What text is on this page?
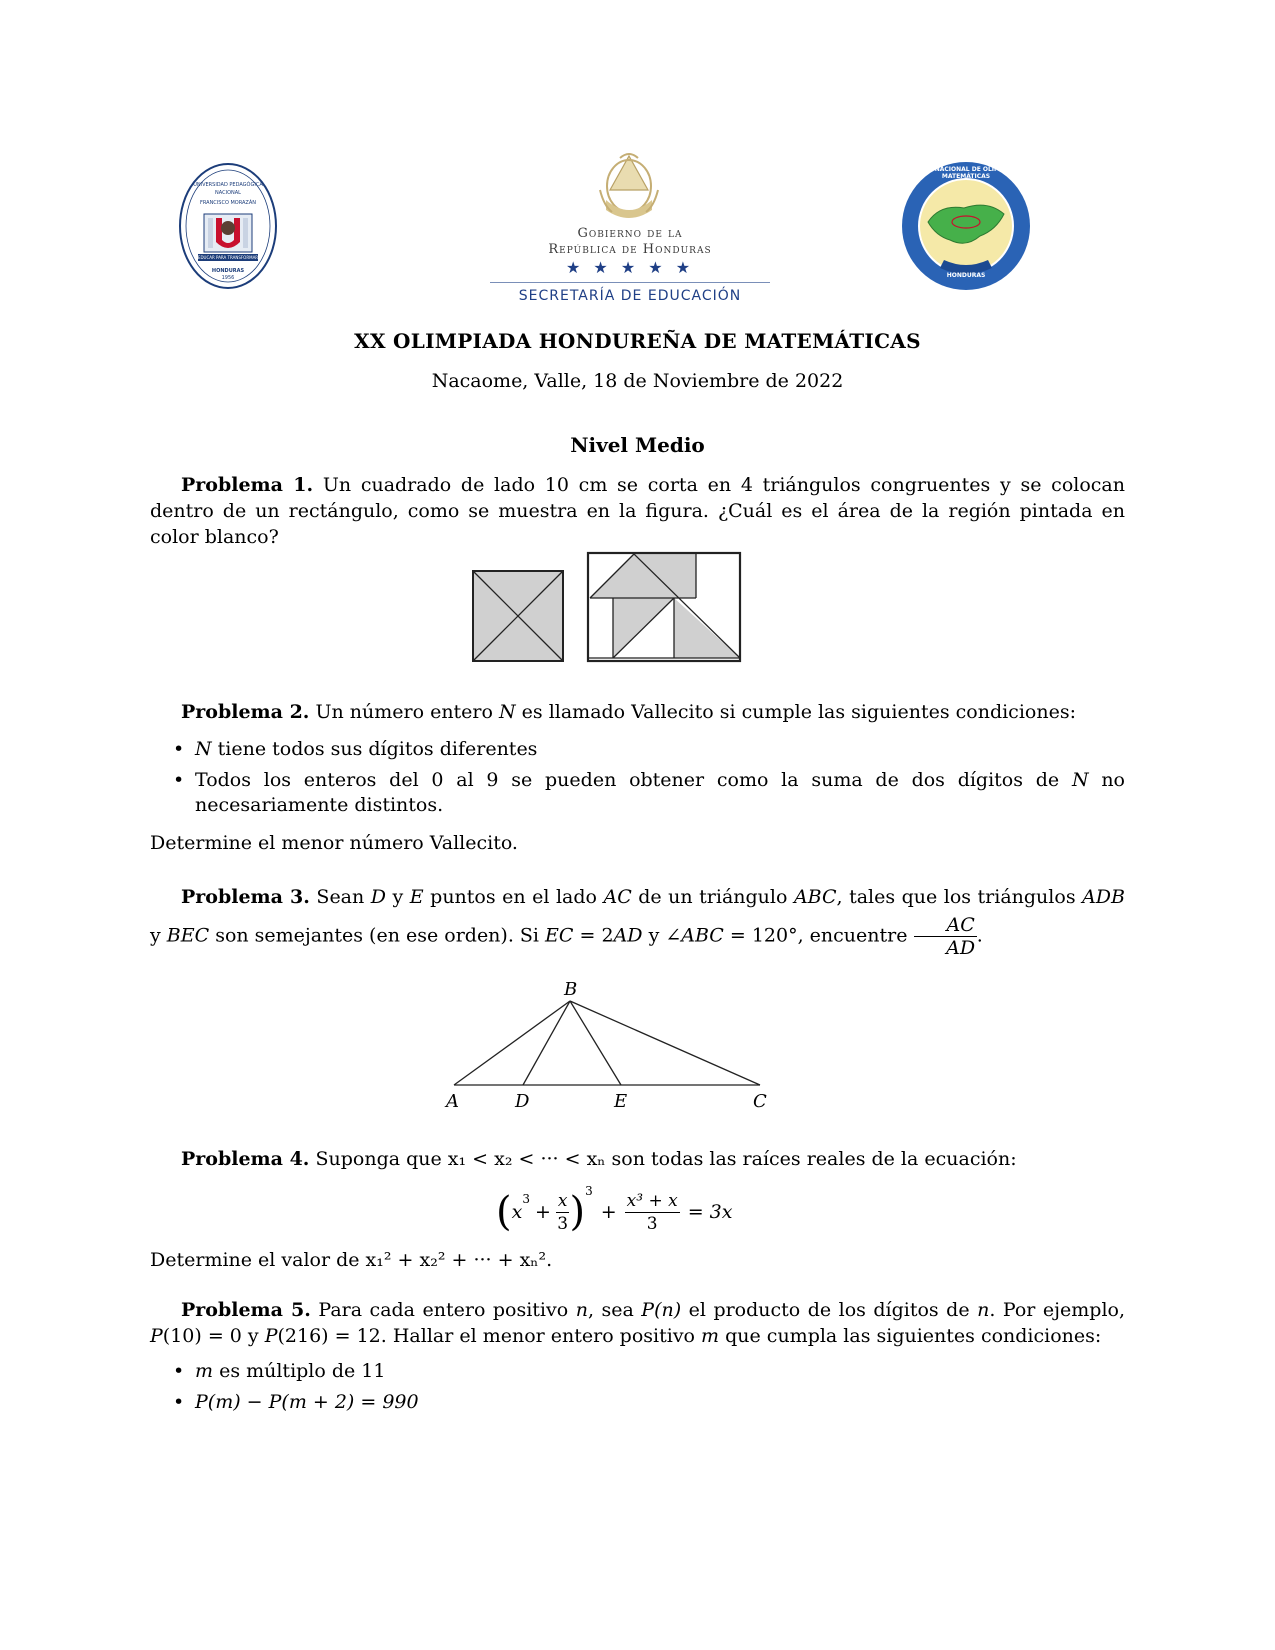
UNIVERSIDAD PEDAGÓGICA
NACIONAL
FRANCISCO MORAZÁN
EDUCAR PARA TRANSFORMAR
HONDURAS
1956
Gobierno de la
República de Honduras
★ ★ ★ ★ ★
SECRETARÍA DE EDUCACIÓN
COMITÉ NACIONAL DE OLIMPIADAS MATEMÁTICAS
HONDURAS
XX OLIMPIADA HONDUREÑA DE MATEMÁTICAS
Nacaome, Valle, 18 de Noviembre de 2022
Nivel Medio
Problema 1. Un cuadrado de lado 10 cm se corta en 4 triángulos congruentes y se colocan dentro de un rectángulo, como se muestra en la figura. ¿Cuál es el área de la región pintada en color blanco?
Problema 2. Un número entero N es llamado Vallecito si cumple las siguientes condiciones:
• N tiene todos sus dígitos diferentes
• Todos los enteros del 0 al 9 se pueden obtener como la suma de dos dígitos de N no necesariamente distintos.
Determine el menor número Vallecito.
Problema 3. Sean D y E puntos en el lado AC de un triángulo ABC, tales que los triángulos ADB y BEC son semejantes (en ese orden). Si EC = 2AD y ∠ABC = 120°, encuentre $\frac{AC}{AD}$ .
B
A	D	E	C
Problema 4. Suponga que x₁ < x₂ < ··· < xₙ son todas las raíces reales de la ecuación:
$(x^3+ \frac{x}{3} )^3+ \frac{\text{x³ + x}}{3} = 3x$
Determine el valor de x₁² + x₂² + ··· + xₙ².
Problema 5. Para cada entero positivo n, sea P(n) el producto de los dígitos de n. Por ejemplo, P(10) = 0 y P(216) = 12. Hallar el menor entero positivo m que cumpla las siguientes condiciones:
• m es múltiplo de 11
• P(m) − P(m + 2) = 990
